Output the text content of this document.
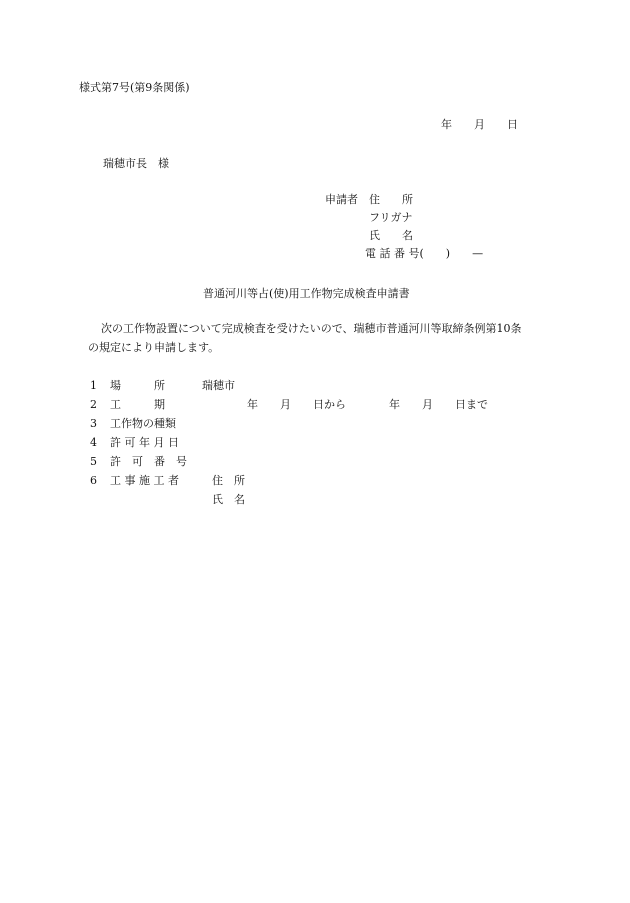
様式第7号(第9条関係)
年　　月　　日
瑞穂市長　様
申請者 住　　所
フリガナ
氏　　名
電 話 番 号(　　)　　—
普通河川等占(使)用工作物完成検査申請書
次の工作物設置について完成検査を受けたいので、瑞穂市普通河川等取締条例第10条
の規定により申請します。
1 場　　　所	瑞穂市
2 工　　　期	年　　月　　日から	年　　月　　日まで
3 工作物の種類
4 許 可 年 月 日
5 許　可　番　号
6 工 事 施 工 者	住　所
氏　名
